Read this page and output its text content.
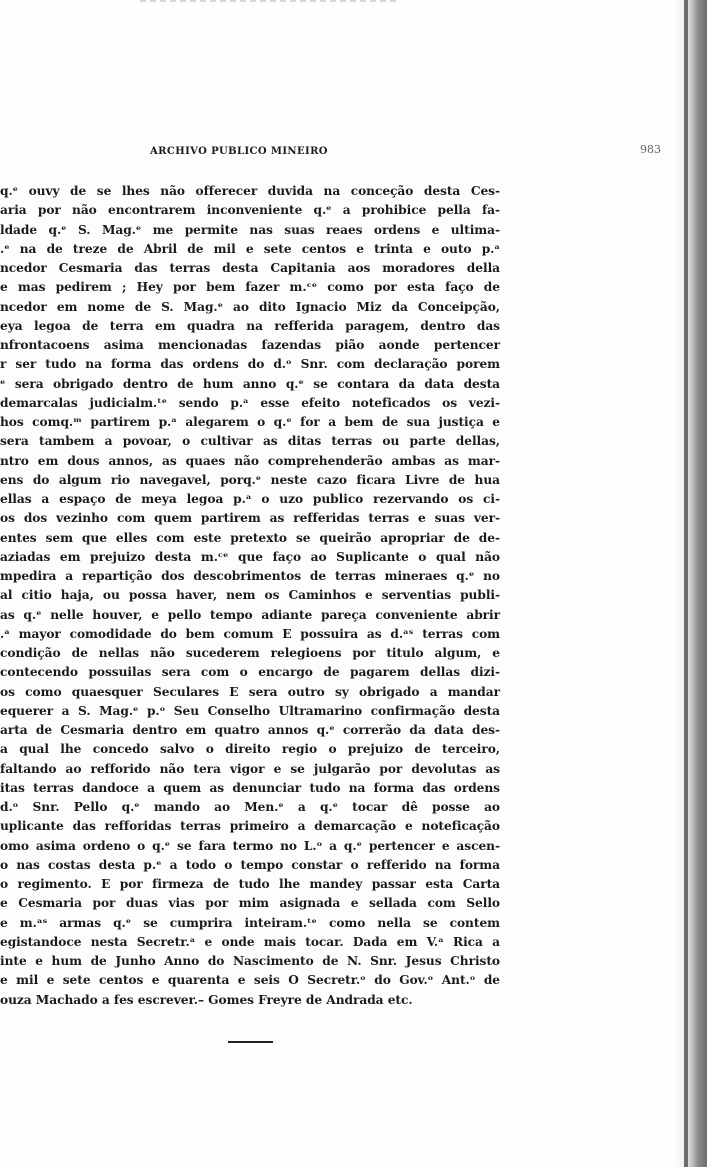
ARCHIVO PUBLICO MINEIRO	983
q.ᵉ ouvy de se lhes não offerecer duvida na conceção desta Ces-
aria por não encontrarem inconveniente q.ᵉ a prohibice pella fa-
ldade q.ᵉ S. Mag.ᵉ me permite nas suas reaes ordens e ultima-
.ᵉ na de treze de Abril de mil e sete centos e trinta e outo p.ᵃ
ncedor Cesmaria das terras desta Capitania aos moradores della
e mas pedirem ; Hey por bem fazer m.ᶜᵉ como por esta faço de
ncedor em nome de S. Mag.ᵉ ao dito Ignacio Miz da Conceipção,
eya legoa de terra em quadra na refferida paragem, dentro das
nfrontacoens asima mencionadas fazendas pião aonde pertencer
r ser tudo na forma das ordens do d.ᵒ Snr. com declaração porem
ᵉ sera obrigado dentro de hum anno q.ᵉ se contara da data desta
demarcalas judicialm.ᵗᵉ sendo p.ᵃ esse efeito noteficados os vezi-
hos comq.ᵐ partirem p.ᵃ alegarem o q.ᵉ for a bem de sua justiça e
sera tambem a povoar, o cultivar as ditas terras ou parte dellas,
ntro em dous annos, as quaes não comprehenderão ambas as mar-
ens do algum rio navegavel, porq.ᵉ neste cazo ficara Livre de hua
ellas a espaço de meya legoa p.ᵃ o uzo publico rezervando os ci-
os dos vezinho com quem partirem as refferidas terras e suas ver-
entes sem que elles com este pretexto se queirão apropriar de de-
aziadas em prejuizo desta m.ᶜᵉ que faço ao Suplicante o qual não
mpedira a repartição dos descobrimentos de terras mineraes q.ᵉ no
al citio haja, ou possa haver, nem os Caminhos e serventias publi-
as q.ᵉ nelle houver, e pello tempo adiante pareça conveniente abrir
.ᵃ mayor comodidade do bem comum E possuira as d.ᵃˢ terras com
condição de nellas não sucederem relegioens por titulo algum, e
contecendo possuilas sera com o encargo de pagarem dellas dizi-
os como quaesquer Seculares E sera outro sy obrigado a mandar
equerer a S. Mag.ᵉ p.ᵒ Seu Conselho Ultramarino confirmação desta
arta de Cesmaria dentro em quatro annos q.ᵉ correrão da data des-
a qual lhe concedo salvo o direito regio o prejuizo de terceiro,
faltando ao refforido não tera vigor e se julgarão por devolutas as
itas terras dandoce a quem as denunciar tudo na forma das ordens
d.ᵒ Snr. Pello q.ᵉ mando ao Men.ᵉ a q.ᵉ tocar dê posse ao
uplicante das refforidas terras primeiro a demarcação e noteficação
omo asima ordeno o q.ᵉ se fara termo no L.ᵒ a q.ᵉ pertencer e ascen-
o nas costas desta p.ᵉ a todo o tempo constar o refferido na forma
o regimento. E por firmeza de tudo lhe mandey passar esta Carta
e Cesmaria por duas vias por mim asignada e sellada com Sello
e m.ᵃˢ armas q.ᵉ se cumprira inteiram.ᵗᵉ como nella se contem
egistandoce nesta Secretr.ᵃ e onde mais tocar. Dada em V.ᵃ Rica a
inte e hum de Junho Anno do Nascimento de N. Snr. Jesus Christo
e mil e sete centos e quarenta e seis O Secretr.ᵒ do Gov.ᵒ Ant.ᵒ de
ouza Machado a fes escrever.– Gomes Freyre de Andrada etc.
